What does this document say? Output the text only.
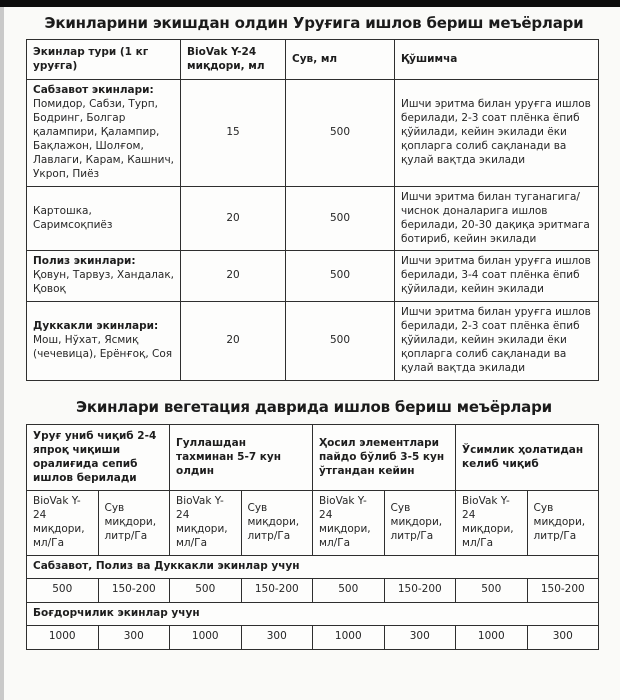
Экинларини экишдан олдин Уруғига ишлов бериш меъёрлари
Экинлар тури (1 кг уруғга)	BioVak Y-24 миқдори, мл	Сув, мл	Қўшимча

Сабзавот экинлари:
Помидор, Сабзи, Турп, Бодринг, Болгар қалампири, Қалампир, Бақлажон, Шолғом, Лавлаги, Карам, Кашнич, Укроп, Пиёз	15	500	Ишчи эритма билан уруғга ишлов берилади, 2-3 соат плёнка ёпиб қўйилади, кейин экилади ёки қопларга солиб сақланади ва қулай вақтда экилади

Картошка, Саримсоқпиёз	20	500	Ишчи эритма билан туганагига/ чиснок доналарига ишлов берилади, 20-30 дақиқа эритмага ботириб, кейин экилади

Полиз экинлари:
Қовун, Тарвуз, Хандалак, Қовоқ	20	500	Ишчи эритма билан уруғга ишлов берилади, 3-4 соат плёнка ёпиб қўйилади, кейин экилади

Дуккакли экинлари:
Мош, Нўхат, Ясмиқ (чечевица), Ерёнғоқ, Соя	20	500	Ишчи эритма билан уруғга ишлов берилади, 2-3 соат плёнка ёпиб қўйилади, кейин экилади ёки қопларга солиб сақланади ва қулай вақтда экилади
Экинлари вегетация даврида ишлов бериш меъёрлари
Уруғ униб чиқиб 2-4 япроқ чиқиши оралиғида сепиб ишлов берилади		Гуллашдан тахминан 5-7 кун олдин		Ҳосил элементлари пайдо бўлиб 3-5 кун ўтгандан кейин		Ўсимлик ҳолатидан келиб чиқиб	
BioVak Y-24 миқдори, мл/Га	Сув миқдори, литр/Га	BioVak Y-24 миқдори, мл/Га	Сув миқдори, литр/Га	BioVak Y-24 миқдори, мл/Га	Сув миқдори, литр/Га	BioVak Y-24 миқдори, мл/Га	Сув миқдори, литр/Га
Сабзавот, Полиз ва Дуккакли экинлар учун							
500	150-200	500	150-200	500	150-200	500	150-200
Боғдорчилик экинлар учун							
1000	300	1000	300	1000	300	1000	300
